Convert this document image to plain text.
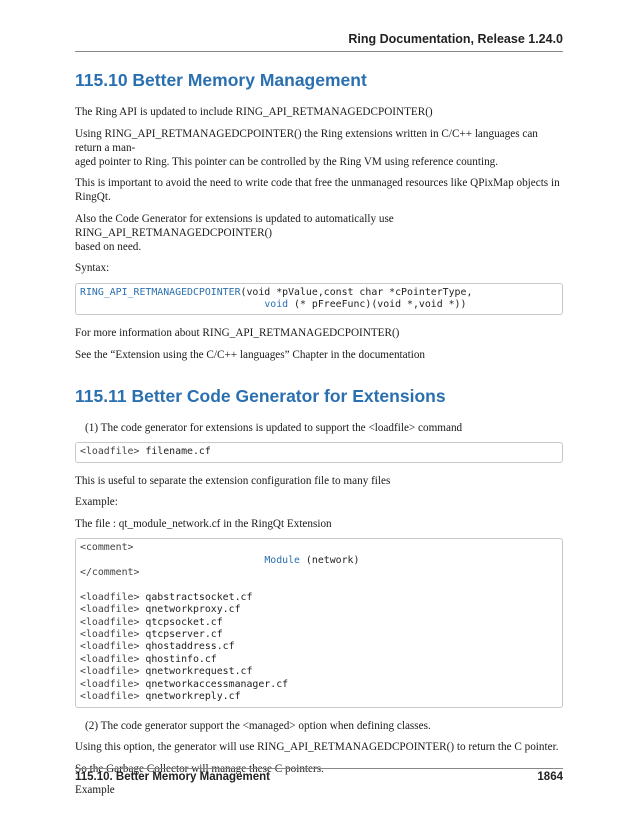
Ring Documentation, Release 1.24.0
115.10 Better Memory Management

The Ring API is updated to include RING_API_RETMANAGEDCPOINTER()

Using RING_API_RETMANAGEDCPOINTER() the Ring extensions written in C/C++ languages can return a man-
aged pointer to Ring. This pointer can be controlled by the Ring VM using reference counting.

This is important to avoid the need to write code that free the unmanaged resources like QPixMap objects in RingQt.

Also the Code Generator for extensions is updated to automatically use RING_API_RETMANAGEDCPOINTER()
based on need.

Syntax:

RING_API_RETMANAGEDCPOINTER(void *pValue,const char *cPointerType,
void (* pFreeFunc)(void *,void *))

For more information about RING_API_RETMANAGEDCPOINTER()

See the “Extension using the C/C++ languages” Chapter in the documentation

115.11 Better Code Generator for Extensions

(1) The code generator for extensions is updated to support the <loadfile> command

<loadfile> filename.cf

This is useful to separate the extension configuration file to many files

Example:

The file : qt_module_network.cf in the RingQt Extension

<comment>
Module (network)
</comment>

<loadfile> qabstractsocket.cf
<loadfile> qnetworkproxy.cf
<loadfile> qtcpsocket.cf
<loadfile> qtcpserver.cf
<loadfile> qhostaddress.cf
<loadfile> qhostinfo.cf
<loadfile> qnetworkrequest.cf
<loadfile> qnetworkaccessmanager.cf
<loadfile> qnetworkreply.cf

(2) The code generator support the <managed> option when defining classes.

Using this option, the generator will use RING_API_RETMANAGEDCPOINTER() to return the C pointer.

So the Garbage Collector will manage these C pointers.

Example

115.10. Better Memory Management	1864
